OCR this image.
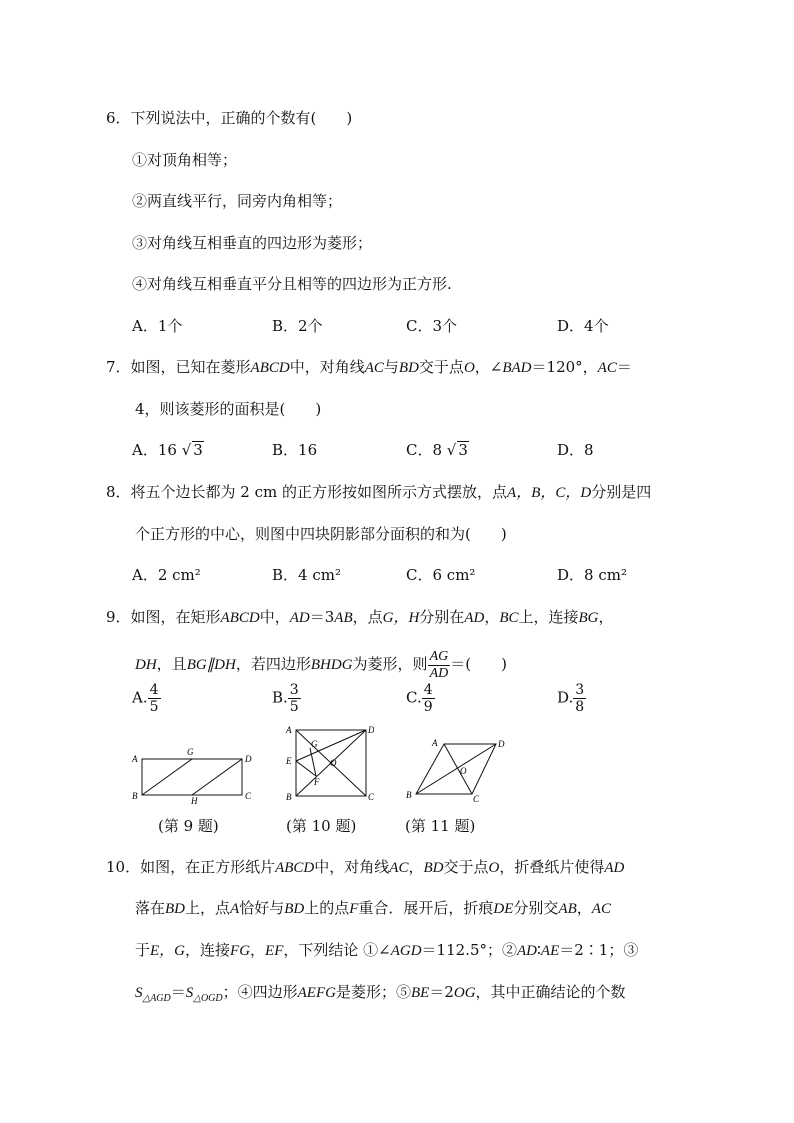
6．下列说法中，正确的个数有(　　)
①对顶角相等；
②两直线平行，同旁内角相等；
③对角线互相垂直的四边形为菱形；
④对角线互相垂直平分且相等的四边形为正方形.
A．1个	B．2个	C．3个	D．4个
7．如图，已知在菱形ABCD中，对角线AC与BD交于点O，∠BAD＝120°，AC＝
4，则该菱形的面积是(　　)
A．16 √ 3	B．16	C．8 √ 3	D．8
8．将五个边长都为 2 cm 的正方形按如图所示方式摆放，点A，B，C，D分别是四
个正方形的中心，则图中四块阴影部分面积的和为(　　)
A．2 cm²	B．4 cm²	C．6 cm²	D．8 cm²
9．如图，在矩形ABCD中，AD＝3AB，点G，H分别在AD，BC上，连接BG，
DH，且BG∥DH，若四边形BHDG为菱形，则 $\frac{AG}{AD}$ ＝(　　)
A. $\frac{4}{5}$	B. $\frac{3}{5}$	C. $\frac{4}{9}$	D. $\frac{3}{8}$
A
G
D
B	H	C
(第 9 题)
A
G
D
E	O
F
B	C
(第 10 题)
A	D
O
B	C
(第 11 题)
10．如图，在正方形纸片ABCD中，对角线AC，BD交于点O，折叠纸片使得AD
落在BD上，点A恰好与BD上的点F重合．展开后，折痕DE分别交AB，AC
于E，G，连接FG，EF，下列结论 ①∠AGD＝112.5°；②AD∶AE＝2∶1；③
$S_{\triangle AGD}=S_{\triangle OGD}$；④四边形AEFG是菱形；⑤BE＝2OG，其中正确结论的个数
